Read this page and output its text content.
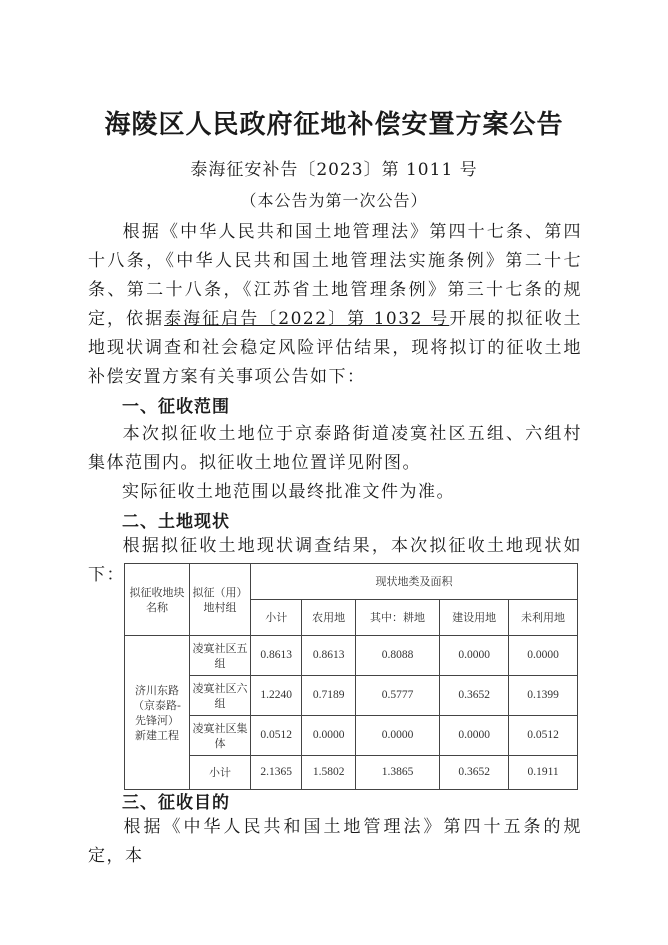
海陵区人民政府征地补偿安置方案公告
泰海征安补告〔2023〕第 1011 号
（本公告为第一次公告）

根据《中华人民共和国土地管理法》第四十七条、第四十八条，《中华人民共和国土地管理法实施条例》第二十七条、第二十八条，《江苏省土地管理条例》第三十七条的规定，依据泰海征启告〔2022〕第 1032 号开展的拟征收土地现状调查和社会稳定风险评估结果，现将拟订的征收土地补偿安置方案有关事项公告如下：

一、征收范围

本次拟征收土地位于京泰路街道凌寞社区五组、六组村集体范围内。拟征收土地位置详见附图。

实际征收土地范围以最终批准文件为准。

二、土地现状

根据拟征收土地现状调查结果，本次拟征收土地现状如下：

拟征收地块名称	拟征（用）地村组	现状地类及面积				
		小计	农用地	其中：耕地	建设用地	未利用地
济川东路（京泰路-先锋河）新建工程	凌寞社区五组	0.8613	0.8613	0.8088	0.0000	0.0000
	凌寞社区六组	1.2240	0.7189	0.5777	0.3652	0.1399
	凌寞社区集体	0.0512	0.0000	0.0000	0.0000	0.0512
	小计	2.1365	1.5802	1.3865	0.3652	0.1911
三、征收目的

根据《中华人民共和国土地管理法》第四十五条的规定，本
